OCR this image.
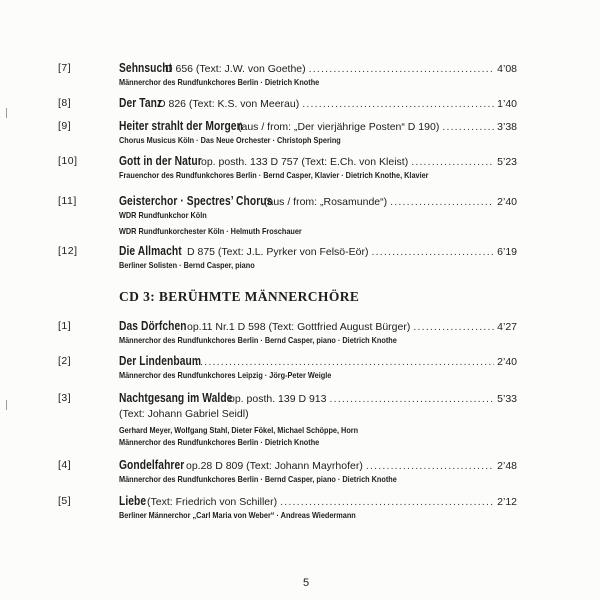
[7]	Sehnsucht
D 656 (Text: J.W. von Goethe) .....	4’08
Männerchor des Rundfunkchores Berlin · Dietrich Knothe
[8]	Der Tanz
D 826 (Text: K.S. von Meerau) .....	1’40
[9]	Heiter strahlt der Morgen
(aus / from: „Der vierjährige Posten“ D 190) .....	3’38
Chorus Musicus Köln · Das Neue Orchester · Christoph Spering
[10]	Gott in der Natur op. posth. 133 D 757 (Text: E.Ch. von Kleist) .....	5’23
Frauenchor des Rundfunkchores Berlin · Bernd Casper, Klavier · Dietrich Knothe, Klavier
[11]	Geisterchor · Spectres’ Chorus
(aus / from: „Rosamunde“) .....	2’40
WDR Rundfunkchor Köln
WDR Rundfunkorchester Köln · Helmuth Froschauer
[12]	Die Allmacht D 875 (Text: J.L. Pyrker von Felsö-Eör) .....	6’19
Berliner Solisten · Bernd Casper, piano
CD 3: BERÜHMTE MÄNNERCHÖRE
[1]	Das Dörfchen op.11 Nr.1 D 598 (Text: Gottfried August Bürger) .....	4’27
Männerchor des Rundfunkchores Berlin · Bernd Casper, piano · Dietrich Knothe
[2]	Der Lindenbaum .....	2’40
Männerchor des Rundfunkchores Leipzig · Jörg-Peter Weigle
[3]	Nachtgesang im Walde
op. posth. 139 D 913 .....	5’33
(Text: Johann Gabriel Seidl)
Gerhard Meyer, Wolfgang Stahl, Dieter Fökel, Michael Schöppe, Horn
Männerchor des Rundfunkchores Berlin · Dietrich Knothe
[4]	Gondelfahrer op.28 D 809 (Text: Johann Mayrhofer) .....	2’48
Männerchor des Rundfunkchores Berlin · Bernd Casper, piano · Dietrich Knothe
[5]	Liebe (Text: Friedrich von Schiller) .....	2’12
Berliner Männerchor „Carl Maria von Weber“ · Andreas Wiedermann
5
